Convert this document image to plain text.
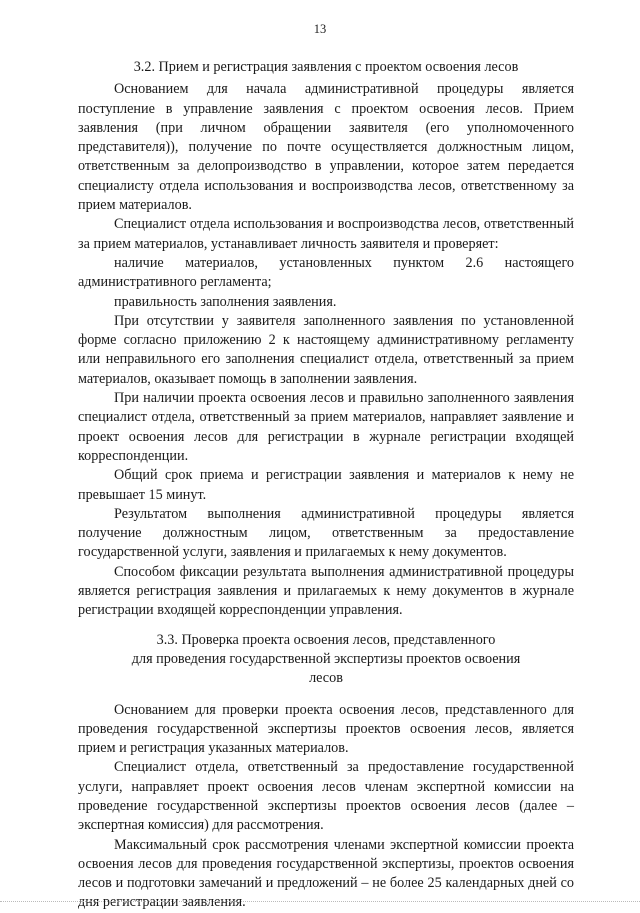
13

3.2. Прием и регистрация заявления с проектом освоения лесов

Основанием для начала административной процедуры является поступление в управление заявления с проектом освоения лесов. Прием заявления (при личном обращении заявителя (его уполномоченного представителя)), получение по почте осуществляется должностным лицом, ответственным за делопроизводство в управлении, которое затем передается специалисту отдела использования и воспроизводства лесов, ответственному за прием материалов.

Специалист отдела использования и воспроизводства лесов, ответственный за прием материалов, устанавливает личность заявителя и проверяет:

наличие материалов, установленных пунктом 2.6 настоящего административного регламента;

правильность заполнения заявления.

При отсутствии у заявителя заполненного заявления по установленной форме согласно приложению 2 к настоящему административному регламенту или неправильного его заполнения специалист отдела, ответственный за прием материалов, оказывает помощь в заполнении заявления.

При наличии проекта освоения лесов и правильно заполненного заявления специалист отдела, ответственный за прием материалов, направляет заявление и проект освоения лесов для регистрации в журнале регистрации входящей корреспонденции.

Общий срок приема и регистрации заявления и материалов к нему не превышает 15 минут.

Результатом выполнения административной процедуры является получение должностным лицом, ответственным за предоставление государственной услуги, заявления и прилагаемых к нему документов.

Способом фиксации результата выполнения административной процедуры является регистрация заявления и прилагаемых к нему документов в журнале регистрации входящей корреспонденции управления.

3.3. Проверка проекта освоения лесов, представленного
для проведения государственной экспертизы проектов освоения
лесов

Основанием для проверки проекта освоения лесов, представленного для проведения государственной экспертизы проектов освоения лесов, является прием и регистрация указанных материалов.

Специалист отдела, ответственный за предоставление государственной услуги, направляет проект освоения лесов членам экспертной комиссии на проведение государственной экспертизы проектов освоения лесов (далее – экспертная комиссия) для рассмотрения.

Максимальный срок рассмотрения членами экспертной комиссии проекта освоения лесов для проведения государственной экспертизы, проектов освоения лесов и подготовки замечаний и предложений – не более 25 календарных дней со дня регистрации заявления.
